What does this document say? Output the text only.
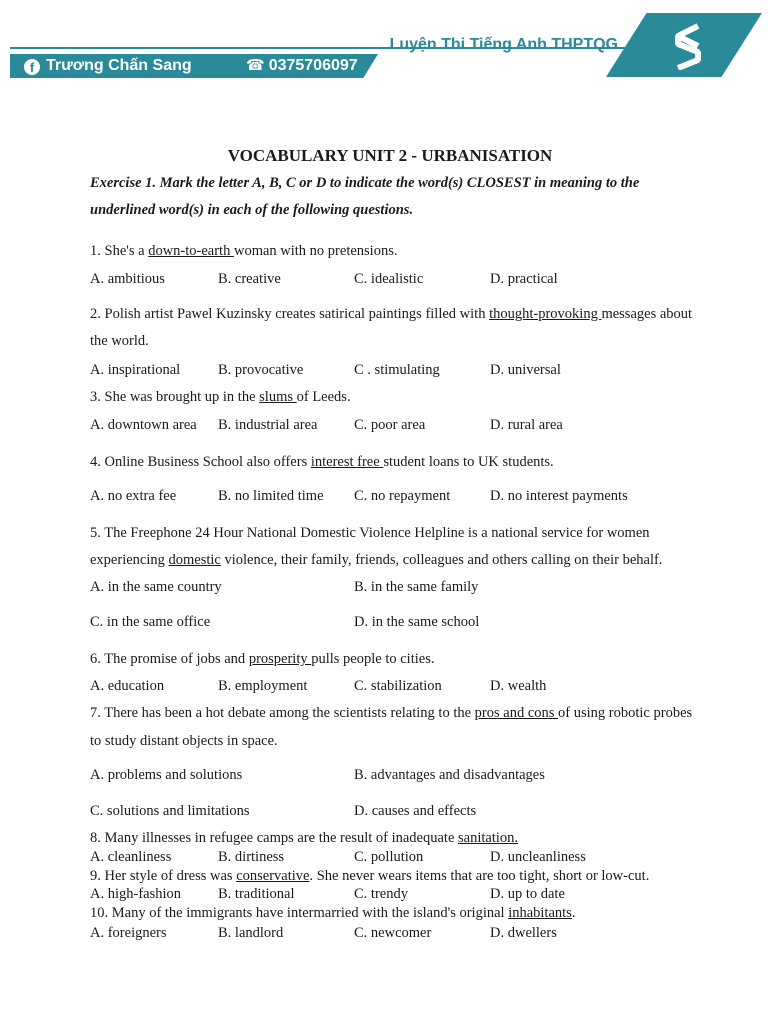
f Trương Chấn Sang	☎ 0375706097
Luyện Thi Tiếng Anh THPTQG
VOCABULARY UNIT 2 - URBANISATION
Exercise 1. Mark the letter A, B, C or D to indicate the word(s) CLOSEST in meaning to the
underlined word(s) in each of the following questions.
1. She's a down-to-earth woman with no pretensions.
A. ambitious	B. creative	C. idealistic	D. practical
2. Polish artist Pawel Kuzinsky creates satirical paintings filled with thought-provoking messages about
the world.
A. inspirational	B. provocative	C . stimulating	D. universal
3. She was brought up in the slums of Leeds.
A. downtown area B. industrial area	C. poor area	D. rural area
4. Online Business School also offers interest free student loans to UK students.
A. no extra fee	B. no limited time C. no repayment	D. no interest payments
5. The Freephone 24 Hour National Domestic Violence Helpline is a national service for women
experiencing domestic violence, their family, friends, colleagues and others calling on their behalf.
A. in the same country	B. in the same family
C. in the same office	D. in the same school
6. The promise of jobs and prosperity pulls people to cities.
A. education	B. employment	C. stabilization	D. wealth
7. There has been a hot debate among the scientists relating to the pros and cons of using robotic probes
to study distant objects in space.
A. problems and solutions	B. advantages and disadvantages
C. solutions and limitations	D. causes and effects
8. Many illnesses in refugee camps are the result of inadequate sanitation.
A. cleanliness	B. dirtiness	C. pollution	D. uncleanliness
9. Her style of dress was conservative. She never wears items that are too tight, short or low-cut.
A. high-fashion	B. traditional	C. trendy	D. up to date
10. Many of the immigrants have intermarried with the island's original inhabitants.
A. foreigners	B. landlord	C. newcomer	D. dwellers
